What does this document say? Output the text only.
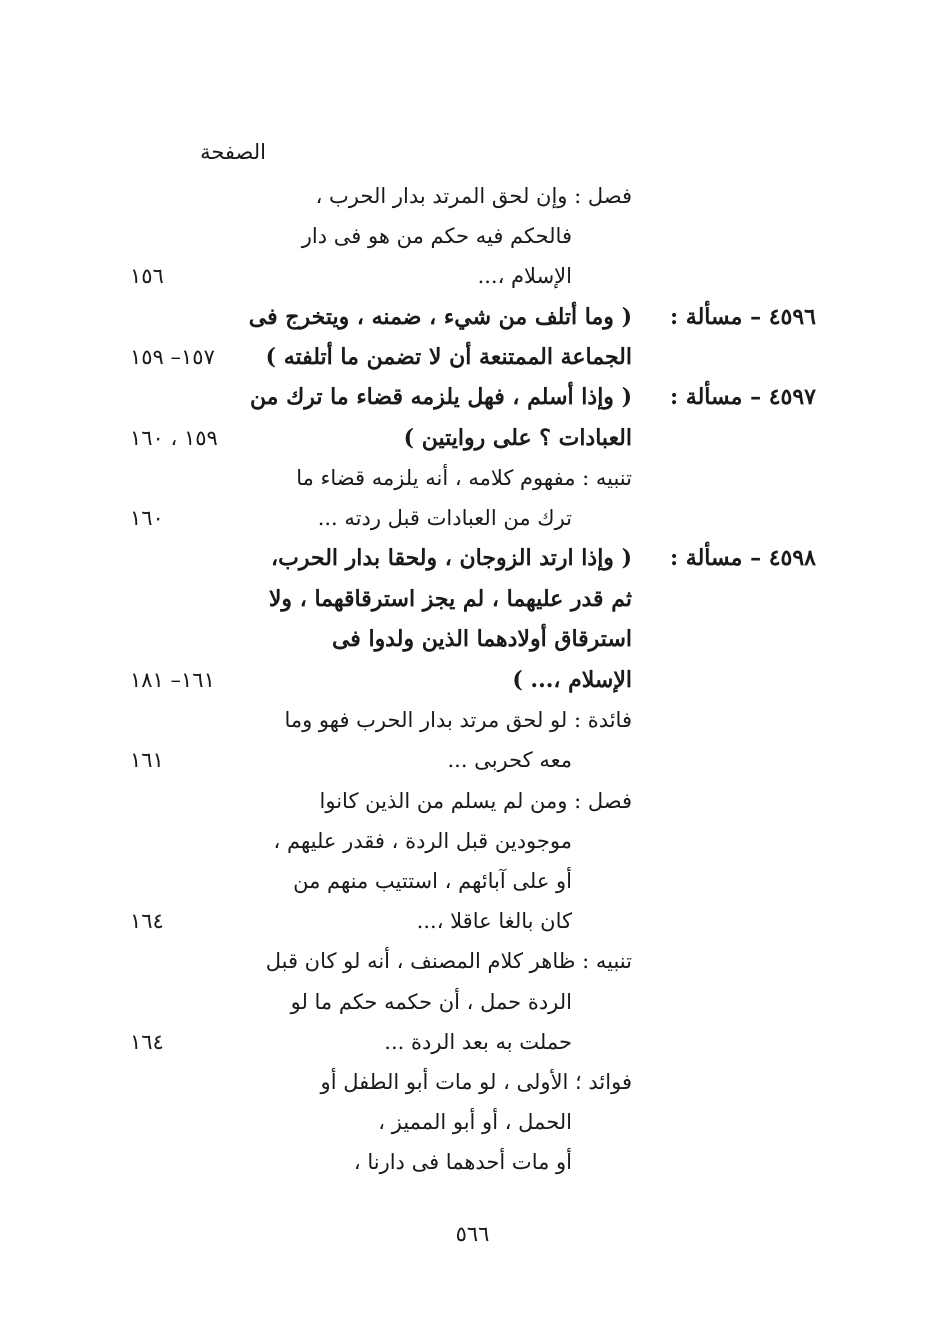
الصفحة
فصل : وإن لحق المرتد بدار الحرب ،
فالحكم فيه حكم من هو فى دار
الإسلام ،...
١٥٦
٤٥٩٦ – مسألة :
( وما أتلف من شيء ، ضمنه ، ويتخرج فى
الجماعة الممتنعة أن لا تضمن ما أتلفته )
١٥٧– ١٥٩
٤٥٩٧ – مسألة :
( وإذا أسلم ، فهل يلزمه قضاء ما ترك من
العبادات ؟ على روايتين )
١٥٩ ، ١٦٠
تنبيه : مفهوم كلامه ، أنه يلزمه قضاء ما
ترك من العبادات قبل ردته ...
١٦٠
٤٥٩٨ – مسألة :
( وإذا ارتد الزوجان ، ولحقا بدار الحرب،
ثم قدر عليهما ، لم يجز استرقاقهما ، ولا
استرقاق أولادهما الذين ولدوا فى
الإسلام ،... )
١٦١– ١٨١
فائدة : لو لحق مرتد بدار الحرب فهو وما
معه كحربى ...
١٦١
فصل : ومن لم يسلم من الذين كانوا
موجودين قبل الردة ، فقدر عليهم ،
أو على آبائهم ، استتيب منهم من
كان بالغا عاقلا ،...
١٦٤
تنبيه : ظاهر كلام المصنف ، أنه لو كان قبل
الردة حمل ، أن حكمه حكم ما لو
حملت به بعد الردة ...
١٦٤
فوائد ؛ الأولى ، لو مات أبو الطفل أو
الحمل ، أو أبو المميز ،
أو مات أحدهما فى دارنا ،
٥٦٦
